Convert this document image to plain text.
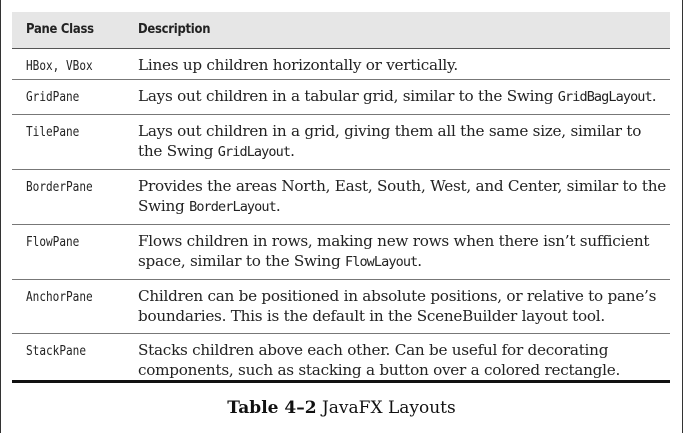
Pane Class	Description
HBox, VBox	Lines up children horizontally or vertically.
GridPane	Lays out children in a tabular grid, similar to the Swing GridBagLayout.
TilePane	Lays out children in a grid, giving them all the same size, similar to
the Swing GridLayout.
BorderPane	Provides the areas North, East, South, West, and Center, similar to the
Swing BorderLayout.
FlowPane	Flows children in rows, making new rows when there isn’t sufficient
space, similar to the Swing FlowLayout.
AnchorPane	Children can be positioned in absolute positions, or relative to pane’s
boundaries. This is the default in the SceneBuilder layout tool.
StackPane	Stacks children above each other. Can be useful for decorating
components, such as stacking a button over a colored rectangle.
Table 4–2 JavaFX Layouts
